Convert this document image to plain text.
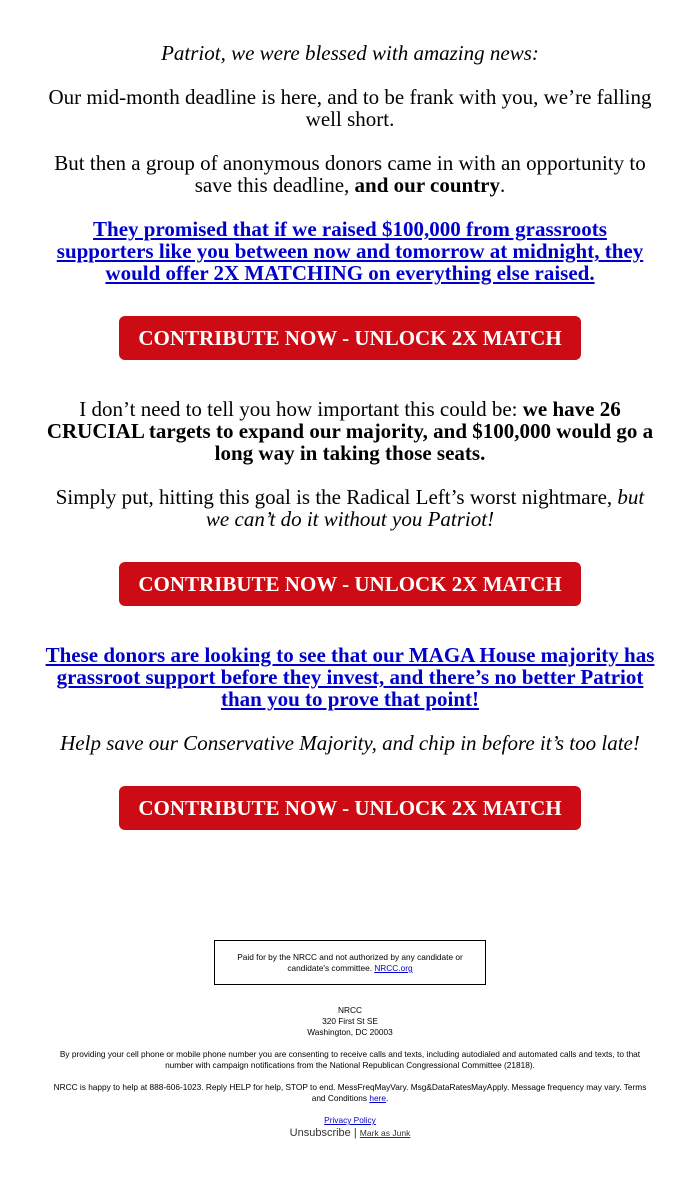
Patriot, we were blessed with amazing news:

Our mid-month deadline is here, and to be frank with you, we’re falling well short.

But then a group of anonymous donors came in with an opportunity to save this deadline, and our country.

They promised that if we raised $100,000 from grassroots supporters like you between now and tomorrow at midnight, they would offer 2X MATCHING on everything else raised.

CONTRIBUTE NOW - UNLOCK 2X MATCH

I don’t need to tell you how important this could be: we have 26 CRUCIAL targets to expand our majority, and $100,000 would go a long way in taking those seats.

Simply put, hitting this goal is the Radical Left’s worst nightmare, but we can’t do it without you Patriot!

CONTRIBUTE NOW - UNLOCK 2X MATCH

These donors are looking to see that our MAGA House majority has grassroot support before they invest, and there’s no better Patriot than you to prove that point!

Help save our Conservative Majority, and chip in before it’s too late!

CONTRIBUTE NOW - UNLOCK 2X MATCH
Paid for by the NRCC and not authorized by any candidate or candidate's committee. NRCC.org

NRCC
320 First St SE
Washington, DC 20003

By providing your cell phone or mobile phone number you are consenting to receive calls and texts, including autodialed and automated calls and texts, to that number with campaign notifications from the National Republican Congressional Committee (21818).

NRCC is happy to help at 888-606-1023. Reply HELP for help, STOP to end. MessFreqMayVary. Msg&DataRatesMayApply. Message frequency may vary. Terms and Conditions here.

Privacy Policy
Unsubscribe | Mark as Junk
